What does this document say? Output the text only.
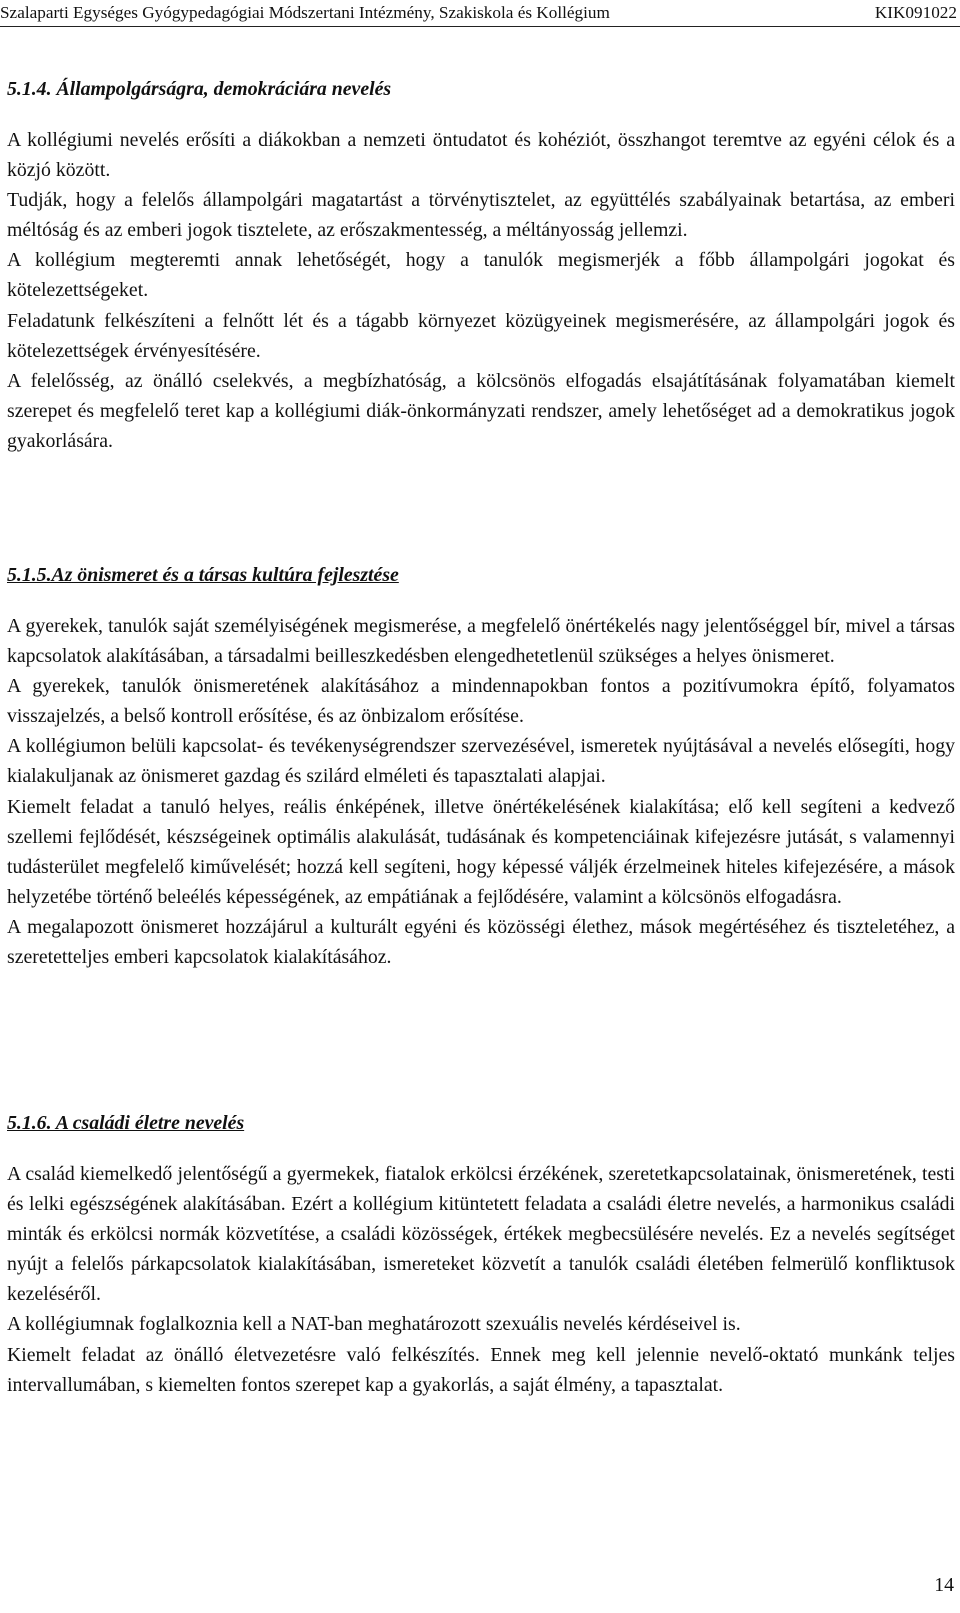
Szalaparti Egységes Gyógypedagógiai Módszertani Intézmény, Szakiskola és Kollégium	KIK091022
5.1.4. Állampolgárságra, demokráciára nevelés

A kollégiumi nevelés erősíti a diákokban a nemzeti öntudatot és kohéziót, összhangot teremtve az egyéni célok és a közjó között.

Tudják, hogy a felelős állampolgári magatartást a törvénytisztelet, az együttélés szabályainak betartása, az emberi méltóság és az emberi jogok tisztelete, az erőszakmentesség, a méltányosság jellemzi.

A kollégium megteremti annak lehetőségét, hogy a tanulók megismerjék a főbb állampolgári jogokat és kötelezettségeket.

Feladatunk felkészíteni a felnőtt lét és a tágabb környezet közügyeinek megismerésére, az állampolgári jogok és kötelezettségek érvényesítésére.

A felelősség, az önálló cselekvés, a megbízhatóság, a kölcsönös elfogadás elsajátításának folyamatában kiemelt szerepet és megfelelő teret kap a kollégiumi diák-önkormányzati rendszer, amely lehetőséget ad a demokratikus jogok gyakorlására.

5.1.5.Az önismeret és a társas kultúra fejlesztése

A gyerekek, tanulók saját személyiségének megismerése, a megfelelő önértékelés nagy jelentőséggel bír, mivel a társas kapcsolatok alakításában, a társadalmi beilleszkedésben elengedhetetlenül szükséges a helyes önismeret.

A gyerekek, tanulók önismeretének alakításához a mindennapokban fontos a pozitívumokra építő, folyamatos visszajelzés, a belső kontroll erősítése, és az önbizalom erősítése.

A kollégiumon belüli kapcsolat- és tevékenységrendszer szervezésével, ismeretek nyújtásával a nevelés elősegíti, hogy kialakuljanak az önismeret gazdag és szilárd elméleti és tapasztalati alapjai.

Kiemelt feladat a tanuló helyes, reális énképének, illetve önértékelésének kialakítása; elő kell segíteni a kedvező szellemi fejlődését, készségeinek optimális alakulását, tudásának és kompetenciáinak kifejezésre jutását, s valamennyi tudásterület megfelelő kiművelését; hozzá kell segíteni, hogy képessé váljék érzelmeinek hiteles kifejezésére, a mások helyzetébe történő beleélés képességének, az empátiának a fejlődésére, valamint a kölcsönös elfogadásra.

A megalapozott önismeret hozzájárul a kulturált egyéni és közösségi élethez, mások megértéséhez és tiszteletéhez, a szeretetteljes emberi kapcsolatok kialakításához.

5.1.6. A családi életre nevelés

A család kiemelkedő jelentőségű a gyermekek, fiatalok erkölcsi érzékének, szeretetkapcsolatainak, önismeretének, testi és lelki egészségének alakításában. Ezért a kollégium kitüntetett feladata a családi életre nevelés, a harmonikus családi minták és erkölcsi normák közvetítése, a családi közösségek, értékek megbecsülésére nevelés. Ez a nevelés segítséget nyújt a felelős párkapcsolatok kialakításában, ismereteket közvetít a tanulók családi életében felmerülő konfliktusok kezeléséről.

A kollégiumnak foglalkoznia kell a NAT-ban meghatározott szexuális nevelés kérdéseivel is.

Kiemelt feladat az önálló életvezetésre való felkészítés. Ennek meg kell jelennie nevelő-oktató munkánk teljes intervallumában, s kiemelten fontos szerepet kap a gyakorlás, a saját élmény, a tapasztalat.

14
